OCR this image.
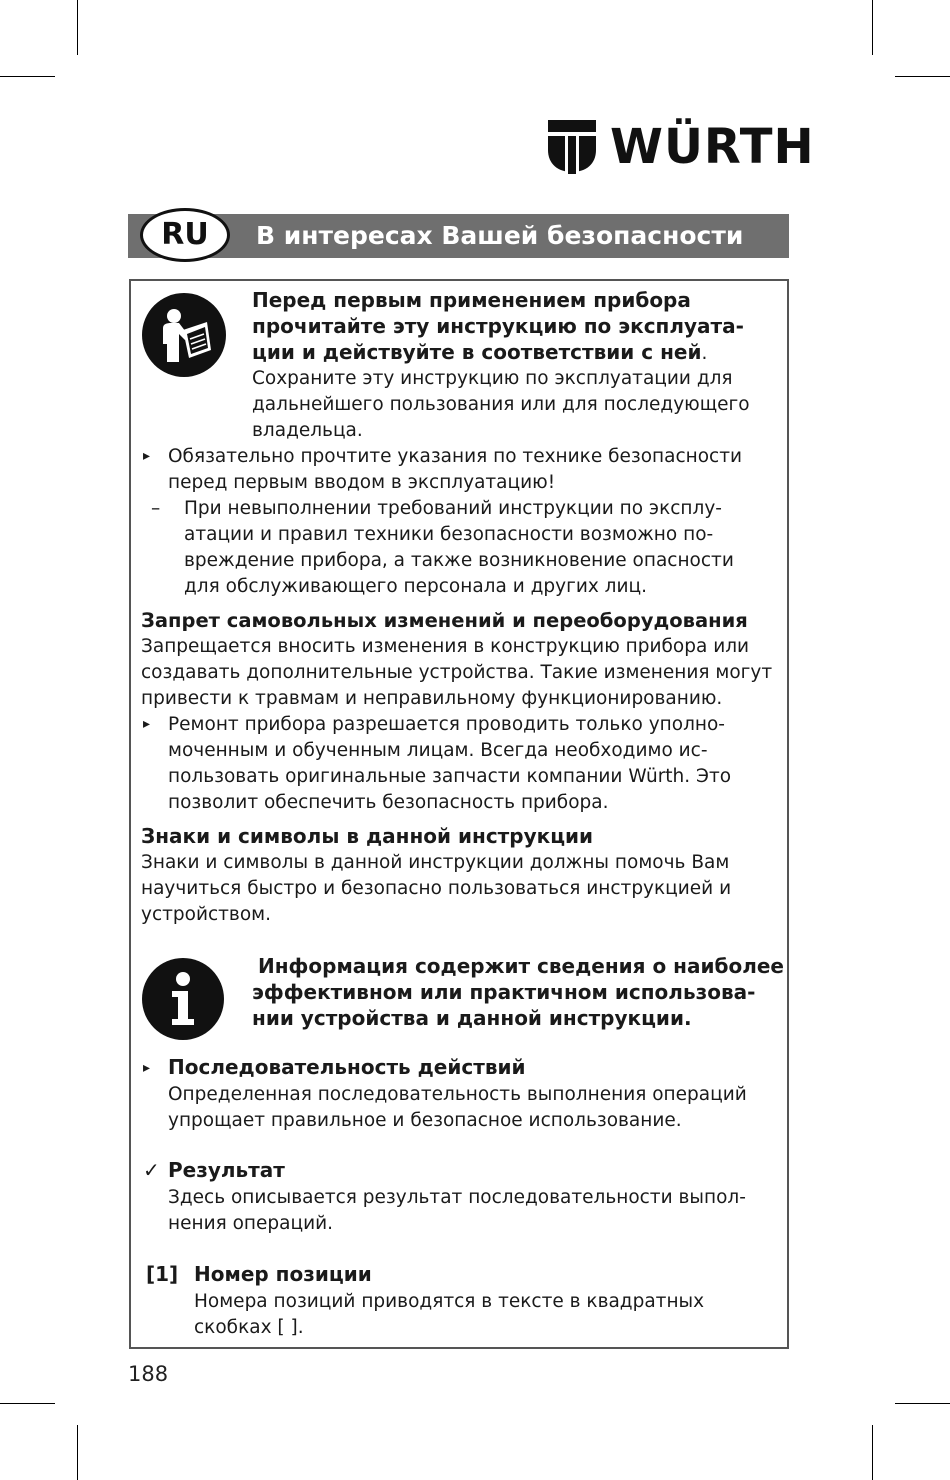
WÜRTH
RU	В интересах Вашей безопасности
Перед первым применением прибора
прочитайте эту инструкцию по эксплуата-
ции и действуйте в соответствии с ней.
Сохраните эту инструкцию по эксплуатации для
дальнейшего пользования или для последующего
владельца.
▸ Обязательно прочтите указания по технике безопасности
перед первым вводом в эксплуатацию!
– При невыполнении требований инструкции по эксплу-
атации и правил техники безопасности возможно по-
вреждение прибора, а также возникновение опасности
для обслуживающего персонала и других лиц.
Запрет самовольных изменений и переоборудования
Запрещается вносить изменения в конструкцию прибора или
создавать дополнительные устройства. Такие изменения могут
привести к травмам и неправильному функционированию.
▸ Ремонт прибора разрешается проводить только уполно-
моченным и обученным лицам. Всегда необходимо ис-
пользовать оригинальные запчасти компании Würth. Это
позволит обеспечить безопасность прибора.
Знаки и символы в данной инструкции
Знаки и символы в данной инструкции должны помочь Вам
научиться быстро и безопасно пользоваться инструкцией и
устройством.
Информация содержит сведения о наиболее
эффективном или практичном использова-
нии устройства и данной инструкции.
▸ Последовательность действий
Определенная последовательность выполнения операций
упрощает правильное и безопасное использование.
✓ Результат
Здесь описывается результат последовательности выпол-
нения операций.
[1] Номер позиции
Номера позиций приводятся в тексте в квадратных
скобках [ ].
188
